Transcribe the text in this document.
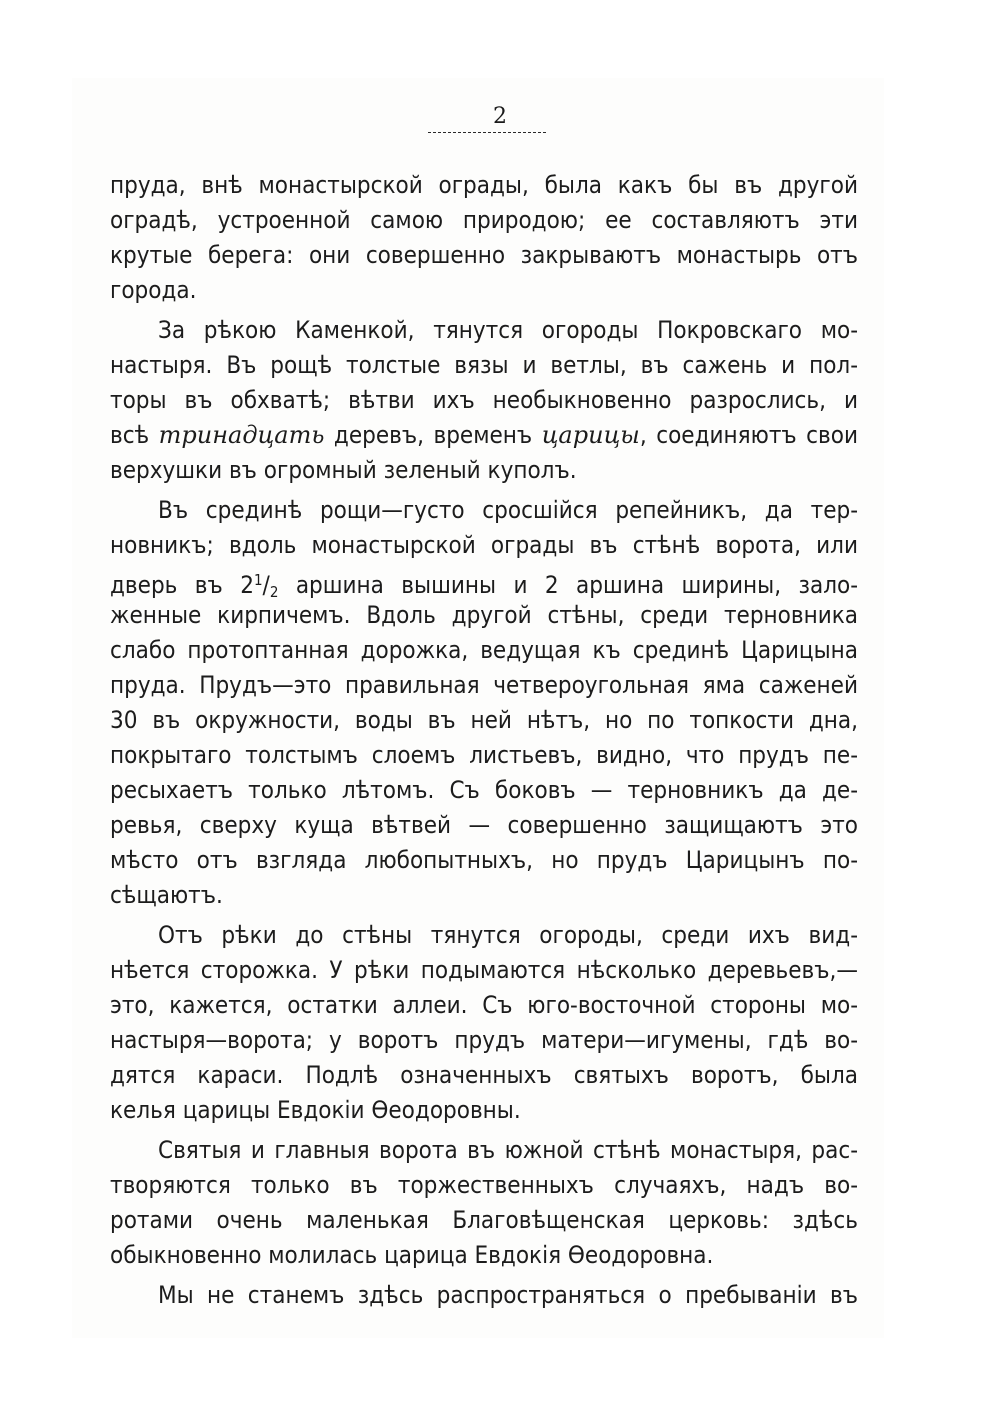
2
пруда, внѣ монастырской ограды, была какъ бы въ другой
оградѣ, устроенной самою природою; ее составляютъ эти
крутые берега: они совершенно закрываютъ монастырь отъ
города.
За рѣкою Каменкой, тянутся огороды Покровскаго мо-
настыря. Въ рощѣ толстые вязы и ветлы, въ сажень и пол-
торы въ обхватѣ; вѣтви ихъ необыкновенно разрослись, и
всѣ тринадцать деревъ, временъ царицы, соединяютъ свои
верхушки въ огромный зеленый куполъ.
Въ срединѣ рощи—густо сросшійся репейникъ, да тер-
новникъ; вдоль монастырской ограды въ стѣнѣ ворота, или
дверь въ $2^1/_2$ аршина вышины и 2 аршина ширины, зало-
женные кирпичемъ. Вдоль другой стѣны, среди терновника
слабо протоптанная дорожка, ведущая къ срединѣ Царицына
пруда. Прудъ—это правильная четвероугольная яма саженей
30 въ окружности, воды въ ней нѣтъ, но по топкости дна,
покрытаго толстымъ слоемъ листьевъ, видно, что прудъ пе-
ресыхаетъ только лѣтомъ. Съ боковъ — терновникъ да де-
ревья, сверху куща вѣтвей — совершенно защищаютъ это
мѣсто отъ взгляда любопытныхъ, но прудъ Царицынъ по-
сѣщаютъ.
Отъ рѣки до стѣны тянутся огороды, среди ихъ вид-
нѣется сторожка. У рѣки подымаются нѣсколько деревьевъ,—
это, кажется, остатки аллеи. Съ юго-восточной стороны мо-
настыря—ворота; у воротъ прудъ матери—игумены, гдѣ во-
дятся караси. Подлѣ означенныхъ святыхъ воротъ, была
келья царицы Евдокіи Ѳеодоровны.
Святыя и главныя ворота въ южной стѣнѣ монастыря, рас-
творяются только въ торжественныхъ случаяхъ, надъ во-
ротами очень маленькая Благовѣщенская церковь: здѣсь
обыкновенно молилась царица Евдокія Ѳеодоровна.
Мы не станемъ здѣсь распространяться о пребываніи въ
